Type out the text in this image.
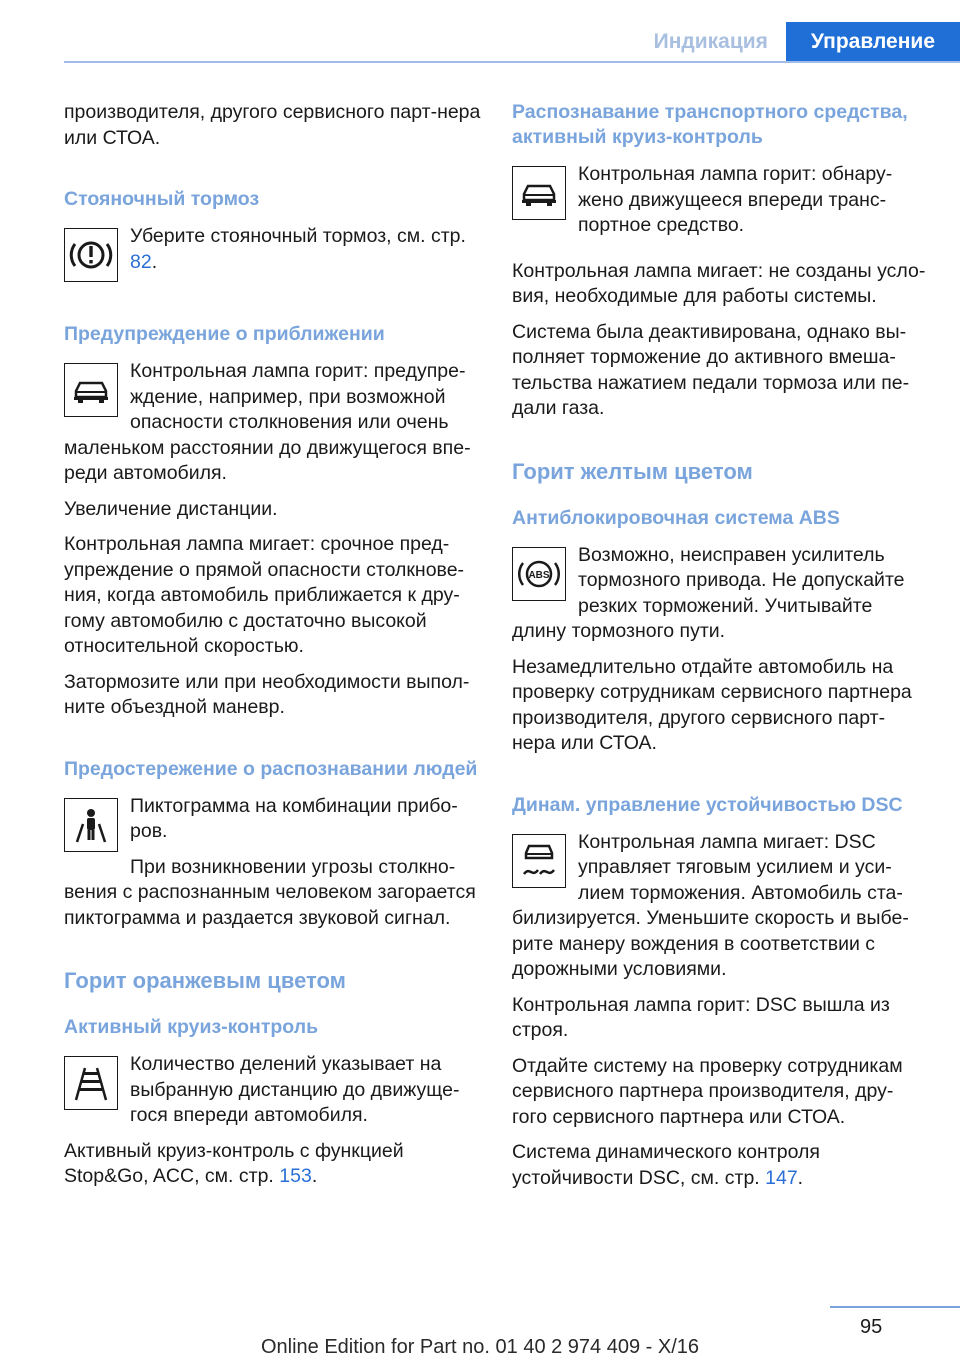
Индикация	Управление

производителя, другого сервисного парт-нера или СТОА.

Стояночный тормоз

Уберите стояночный тормоз, см. стр. 82.

Предупреждение о приближении

Контрольная лампа горит: предупре-ждение, например, при возможной опасности столкновения или очень маленьком расстоянии до движущегося впе-реди автомобиля.

Увеличение дистанции.

Контрольная лампа мигает: срочное пред-упреждение о прямой опасности столкнове-ния, когда автомобиль приближается к дру-гому автомобилю с достаточно высокой относительной скоростью.

Затормозите или при необходимости выпол-ните объездной маневр.

Предостережение о распознавании людей

Пиктограмма на комбинации прибо-ров.

При возникновении угрозы столкно-вения с распознанным человеком загорается пиктограмма и раздается звуковой сигнал.

Горит оранжевым цветом
Активный круиз-контроль

Количество делений указывает на выбранную дистанцию до движуще-гося впереди автомобиля.

Активный круиз-контроль с функцией Stop&Go, ACC, см. стр. 153.

Распознавание транспортного средства, активный круиз-контроль

Контрольная лампа горит: обнару-жено движущееся впереди транс-портное средство.

Контрольная лампа мигает: не созданы усло-вия, необходимые для работы системы.

Система была деактивирована, однако вы-полняет торможение до активного вмеша-тельства нажатием педали тормоза или пе-дали газа.

Горит желтым цветом
Антиблокировочная система ABS
ABS

Возможно, неисправен усилитель тормозного привода. Не допускайте резких торможений. Учитывайте длину тормозного пути.

Незамедлительно отдайте автомобиль на проверку сотрудникам сервисного партнера производителя, другого сервисного парт-нера или СТОА.

Динам. управление устойчивостью DSC

Контрольная лампа мигает: DSC управляет тяговым усилием и уси-лием торможения. Автомобиль ста-билизируется. Уменьшите скорость и выбе-рите манеру вождения в соответствии с дорожными условиями.

Контрольная лампа горит: DSC вышла из строя.

Отдайте систему на проверку сотрудникам сервисного партнера производителя, дру-гого сервисного партнера или СТОА.

Система динамического контроля устойчивости DSC, см. стр. 147.

95
Online Edition for Part no. 01 40 2 974 409 - X/16
